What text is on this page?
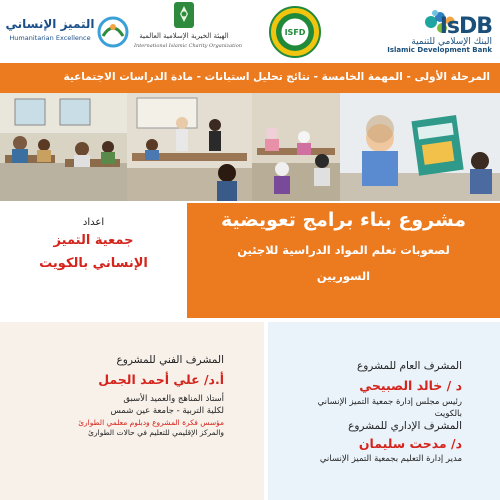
IsDB
البنك الإسلامي للتنمية
Islamic Development Bank
ISFD
الهيئة الخيرية الإسلامية العالمية
International Islamic Charity Organization
التميز الإنساني
Humanitarian Excellence
المرحلة الأولى - المهمة الخامسة - نتائج تحليل استبانات - مادة الدراسات الاجتماعية
اعداد
جمعية التميز
الإنساني بالكويت
مشروع بناء برامج تعويضية
لصعوبات تعلم المواد الدراسية للاجئين
السوريين
المشرف الفني للمشروع
أ.د/ علي أحمد الجمل
أستاذ المناهج والعميد الأسبق
لكلية التربية - جامعة عين شمس
مؤسس فكرة المشروع ودبلوم معلمي الطوارئ
والمركز الإقليمي للتعليم في حالات الطوارئ
المشرف العام للمشروع
د / خالد الصبيحي
رئيس مجلس إدارة جمعية التميز الإنساني
بالكويت
المشرف الإداري للمشروع
د/ مدحت سليمان
مدير إدارة التعليم بجمعية التميز الإنساني
